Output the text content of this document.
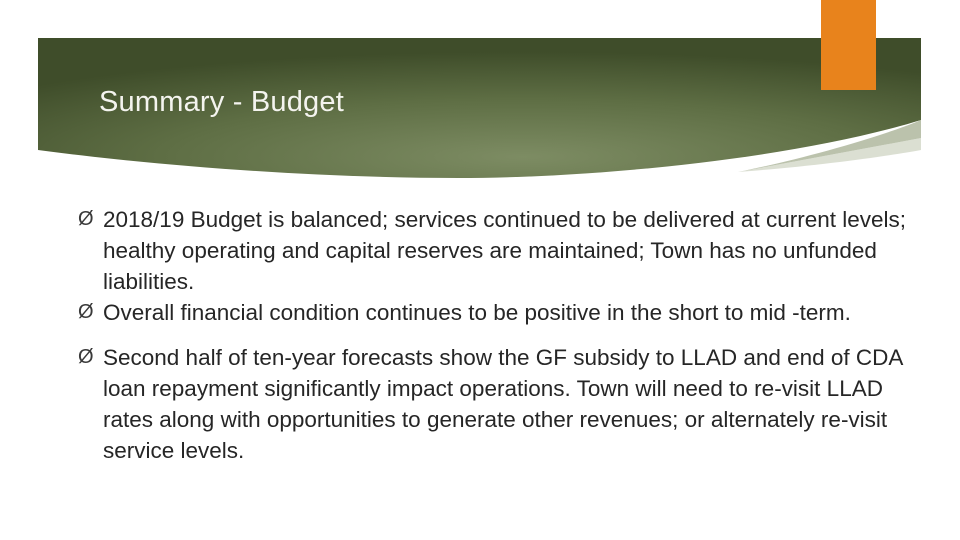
Summary - Budget
Ø 2018/19 Budget is balanced; services continued to be delivered at current levels; healthy operating and capital reserves are maintained; Town has no unfunded liabilities.
Ø Overall financial condition continues to be positive in the short to mid -term.
Ø Second half of ten-year forecasts show the GF subsidy to LLAD and end of CDA loan repayment significantly impact operations. Town will need to re-visit LLAD rates along with opportunities to generate other revenues; or alternately re-visit service levels.
